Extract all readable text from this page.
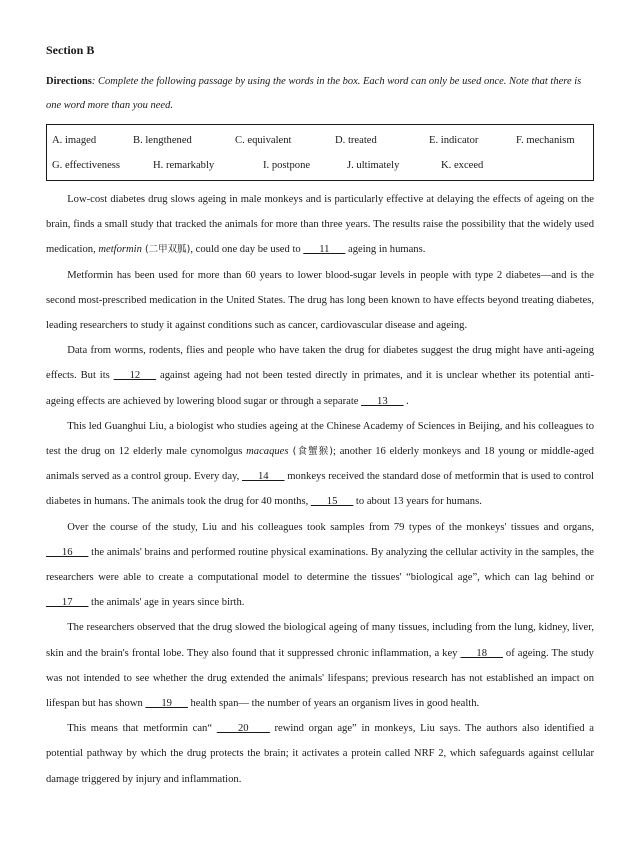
Section B

Directions: Complete the following passage by using the words in the box. Each word can only be used once. Note that there is one word more than you need.

A. imaged	B. lengthened	C. equivalent	D. treated	E. indicator	F. mechanism
G. effectiveness	H. remarkably	I. postpone	J. ultimately	K. exceed

Low-cost diabetes drug slows ageing in male monkeys and is particularly effective at delaying the effects of ageing on the brain, finds a small study that tracked the animals for more than three years. The results raise the possibility that the widely used medication, metformin (二甲双胍), could one day be used to ___11___ ageing in humans.

Metformin has been used for more than 60 years to lower blood-sugar levels in people with type 2 diabetes—and is the second most-prescribed medication in the United States. The drug has long been known to have effects beyond treating diabetes, leading researchers to study it against conditions such as cancer, cardiovascular disease and ageing.

Data from worms, rodents, flies and people who have taken the drug for diabetes suggest the drug might have anti-ageing effects. But its ___12___ against ageing had not been tested directly in primates, and it is unclear whether its potential anti-ageing effects are achieved by lowering blood sugar or through a separate ___13___ .

This led Guanghui Liu, a biologist who studies ageing at the Chinese Academy of Sciences in Beijing, and his colleagues to test the drug on 12 elderly male cynomolgus macaques (食蟹猴); another 16 elderly monkeys and 18 young or middle-aged animals served as a control group. Every day, ___14___ monkeys received the standard dose of metformin that is used to control diabetes in humans. The animals took the drug for 40 months, ___15___ to about 13 years for humans.

Over the course of the study, Liu and his colleagues took samples from 79 types of the monkeys' tissues and organs, ___16___ the animals' brains and performed routine physical examinations. By analyzing the cellular activity in the samples, the researchers were able to create a computational model to determine the tissues' “biological age”, which can lag behind or ___17___ the animals' age in years since birth.

The researchers observed that the drug slowed the biological ageing of many tissues, including from the lung, kidney, liver, skin and the brain's frontal lobe. They also found that it suppressed chronic inflammation, a key ___18___ of ageing. The study was not intended to see whether the drug extended the animals' lifespans; previous research has not established an impact on lifespan but has shown ___19___ health span— the number of years an organism lives in good health.

This means that metformin can“ ____20____ rewind organ age” in monkeys, Liu says. The authors also identified a potential pathway by which the drug protects the brain; it activates a protein called NRF 2, which safeguards against cellular damage triggered by injury and inflammation.
